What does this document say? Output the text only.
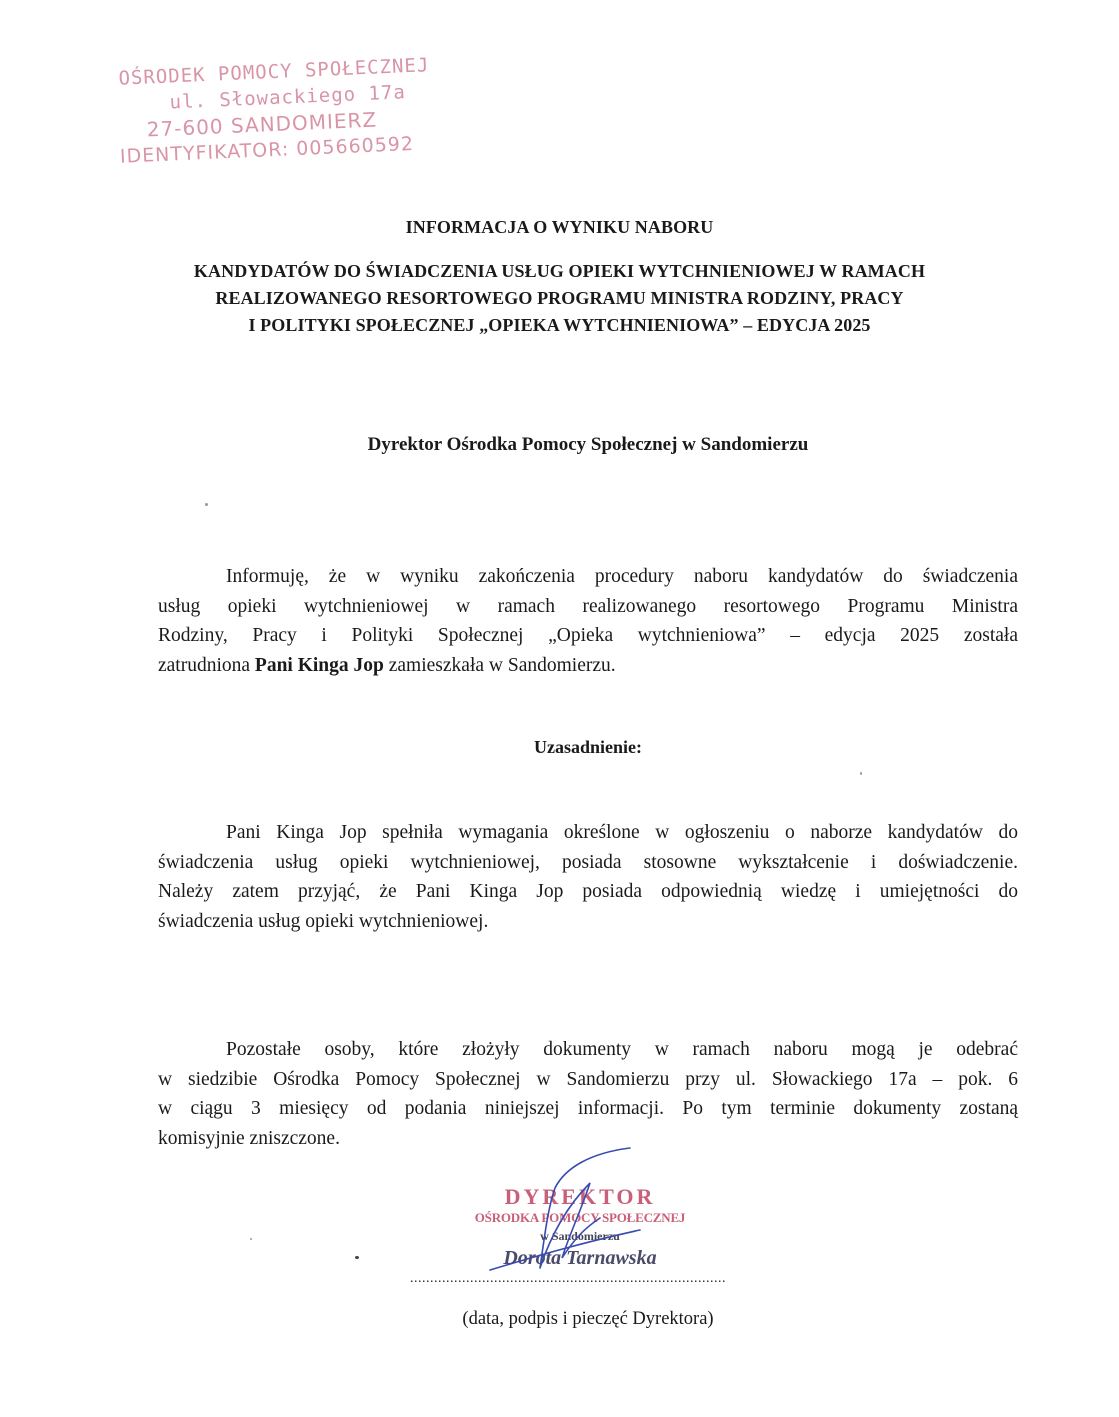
OŚRODEK POMOCY SPOŁECZNEJ
ul. Słowackiego 17a
27-600 SANDOMIERZ
IDENTYFIKATOR: 005660592
INFORMACJA O WYNIKU NABORU
KANDYDATÓW DO ŚWIADCZENIA USŁUG OPIEKI WYTCHNIENIOWEJ W RAMACH
REALIZOWANEGO RESORTOWEGO PROGRAMU MINISTRA RODZINY, PRACY
I POLITYKI SPOŁECZNEJ „OPIEKA WYTCHNIENIOWA” – EDYCJA 2025
Dyrektor Ośrodka Pomocy Społecznej w Sandomierzu
Informuję, że w wyniku zakończenia procedury naboru kandydatów do świadczenia
usług opieki wytchnieniowej w ramach realizowanego resortowego Programu Ministra
Rodziny, Pracy i Polityki Społecznej „Opieka wytchnieniowa” – edycja 2025 została
zatrudniona Pani Kinga Jop zamieszkała w Sandomierzu.
Uzasadnienie:
Pani Kinga Jop spełniła wymagania określone w ogłoszeniu o naborze kandydatów do
świadczenia usług opieki wytchnieniowej, posiada stosowne wykształcenie i doświadczenie.
Należy zatem przyjąć, że Pani Kinga Jop posiada odpowiednią wiedzę i umiejętności do
świadczenia usług opieki wytchnieniowej.
Pozostałe osoby, które złożyły dokumenty w ramach naboru mogą je odebrać
w siedzibie Ośrodka Pomocy Społecznej w Sandomierzu przy ul. Słowackiego 17a – pok. 6
w ciągu 3 miesięcy od podania niniejszej informacji. Po tym terminie dokumenty zostaną
komisyjnie zniszczone.
DYREKTOR
OŚRODKA POMOCY SPOŁECZNEJ
w Sandomierzu
Dorota Tarnawska
...............................................................................
(data, podpis i pieczęć Dyrektora)
